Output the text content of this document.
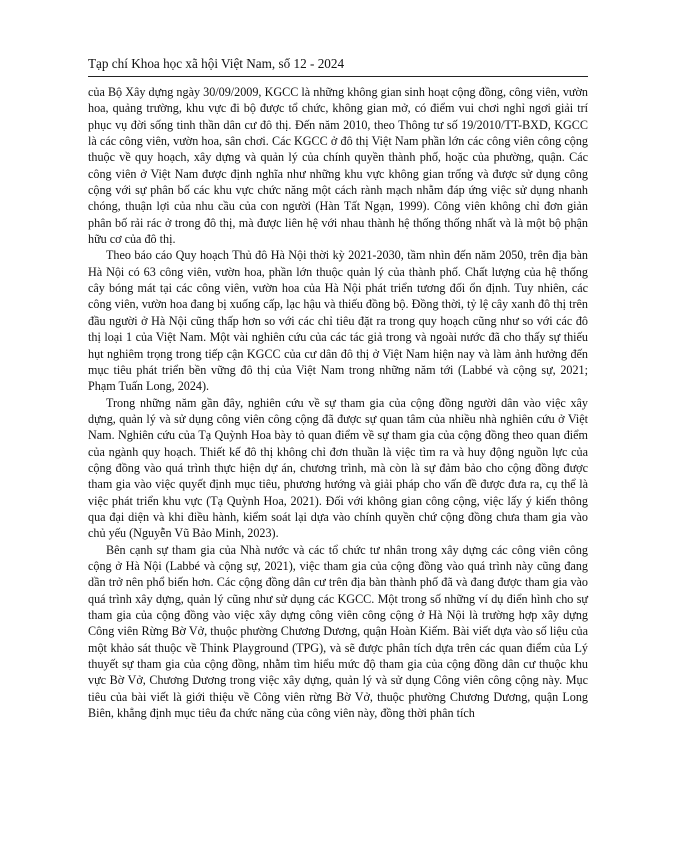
Tạp chí Khoa học xã hội Việt Nam, số 12 - 2024

của Bộ Xây dựng ngày 30/09/2009, KGCC là những không gian sinh hoạt cộng đồng, công viên, vườn hoa, quảng trường, khu vực đi bộ được tổ chức, không gian mở, có điểm vui chơi nghỉ ngơi giải trí phục vụ đời sống tinh thần dân cư đô thị. Đến năm 2010, theo Thông tư số 19/2010/TT-BXD, KGCC là các công viên, vườn hoa, sân chơi. Các KGCC ở đô thị Việt Nam phần lớn các công viên công cộng thuộc về quy hoạch, xây dựng và quản lý của chính quyền thành phố, hoặc của phường, quận. Các công viên ở Việt Nam được định nghĩa như những khu vực không gian trống và được sử dụng công cộng với sự phân bố các khu vực chức năng một cách rành mạch nhằm đáp ứng việc sử dụng nhanh chóng, thuận lợi của nhu cầu của con người (Hàn Tất Ngạn, 1999). Công viên không chỉ đơn giản phân bố rải rác ở trong đô thị, mà được liên hệ với nhau thành hệ thống thống nhất và là một bộ phận hữu cơ của đô thị.

Theo báo cáo Quy hoạch Thủ đô Hà Nội thời kỳ 2021-2030, tầm nhìn đến năm 2050, trên địa bàn Hà Nội có 63 công viên, vườn hoa, phần lớn thuộc quản lý của thành phố. Chất lượng của hệ thống cây bóng mát tại các công viên, vườn hoa của Hà Nội phát triển tương đối ổn định. Tuy nhiên, các công viên, vườn hoa đang bị xuống cấp, lạc hậu và thiếu đồng bộ. Đồng thời, tỷ lệ cây xanh đô thị trên đầu người ở Hà Nội cũng thấp hơn so với các chỉ tiêu đặt ra trong quy hoạch cũng như so với các đô thị loại 1 của Việt Nam. Một vài nghiên cứu của các tác giả trong và ngoài nước đã cho thấy sự thiếu hụt nghiêm trọng trong tiếp cận KGCC của cư dân đô thị ở Việt Nam hiện nay và làm ảnh hưởng đến mục tiêu phát triển bền vững đô thị của Việt Nam trong những năm tới (Labbé và cộng sự, 2021; Phạm Tuấn Long, 2024).

Trong những năm gần đây, nghiên cứu về sự tham gia của cộng đồng người dân vào việc xây dựng, quản lý và sử dụng công viên công cộng đã được sự quan tâm của nhiều nhà nghiên cứu ở Việt Nam. Nghiên cứu của Tạ Quỳnh Hoa bày tỏ quan điểm về sự tham gia của cộng đồng theo quan điểm của ngành quy hoạch. Thiết kế đô thị không chỉ đơn thuần là việc tìm ra và huy động nguồn lực của cộng đồng vào quá trình thực hiện dự án, chương trình, mà còn là sự đảm bảo cho cộng đồng được tham gia vào việc quyết định mục tiêu, phương hướng và giải pháp cho vấn đề được đưa ra, cụ thể là việc phát triển khu vực (Tạ Quỳnh Hoa, 2021). Đối với không gian công cộng, việc lấy ý kiến thông qua đại diện và khi điều hành, kiểm soát lại dựa vào chính quyền chứ cộng đồng chưa tham gia vào chủ yếu (Nguyễn Vũ Bảo Minh, 2023).

Bên cạnh sự tham gia của Nhà nước và các tổ chức tư nhân trong xây dựng các công viên công cộng ở Hà Nội (Labbé và cộng sự, 2021), việc tham gia của cộng đồng vào quá trình này cũng đang dần trở nên phổ biến hơn. Các cộng đồng dân cư trên địa bàn thành phố đã và đang được tham gia vào quá trình xây dựng, quản lý cũng như sử dụng các KGCC. Một trong số những ví dụ điển hình cho sự tham gia của cộng đồng vào việc xây dựng công viên công cộng ở Hà Nội là trường hợp xây dựng Công viên Rừng Bờ Vở, thuộc phường Chương Dương, quận Hoàn Kiếm. Bài viết dựa vào số liệu của một khảo sát thuộc về Think Playground (TPG), và sẽ được phân tích dựa trên các quan điểm của Lý thuyết sự tham gia của cộng đồng, nhằm tìm hiểu mức độ tham gia của cộng đồng dân cư thuộc khu vực Bờ Vở, Chương Dương trong việc xây dựng, quản lý và sử dụng Công viên công cộng này. Mục tiêu của bài viết là giới thiệu về Công viên rừng Bờ Vở, thuộc phường Chương Dương, quận Long Biên, khẳng định mục tiêu đa chức năng của công viên này, đồng thời phân tích
